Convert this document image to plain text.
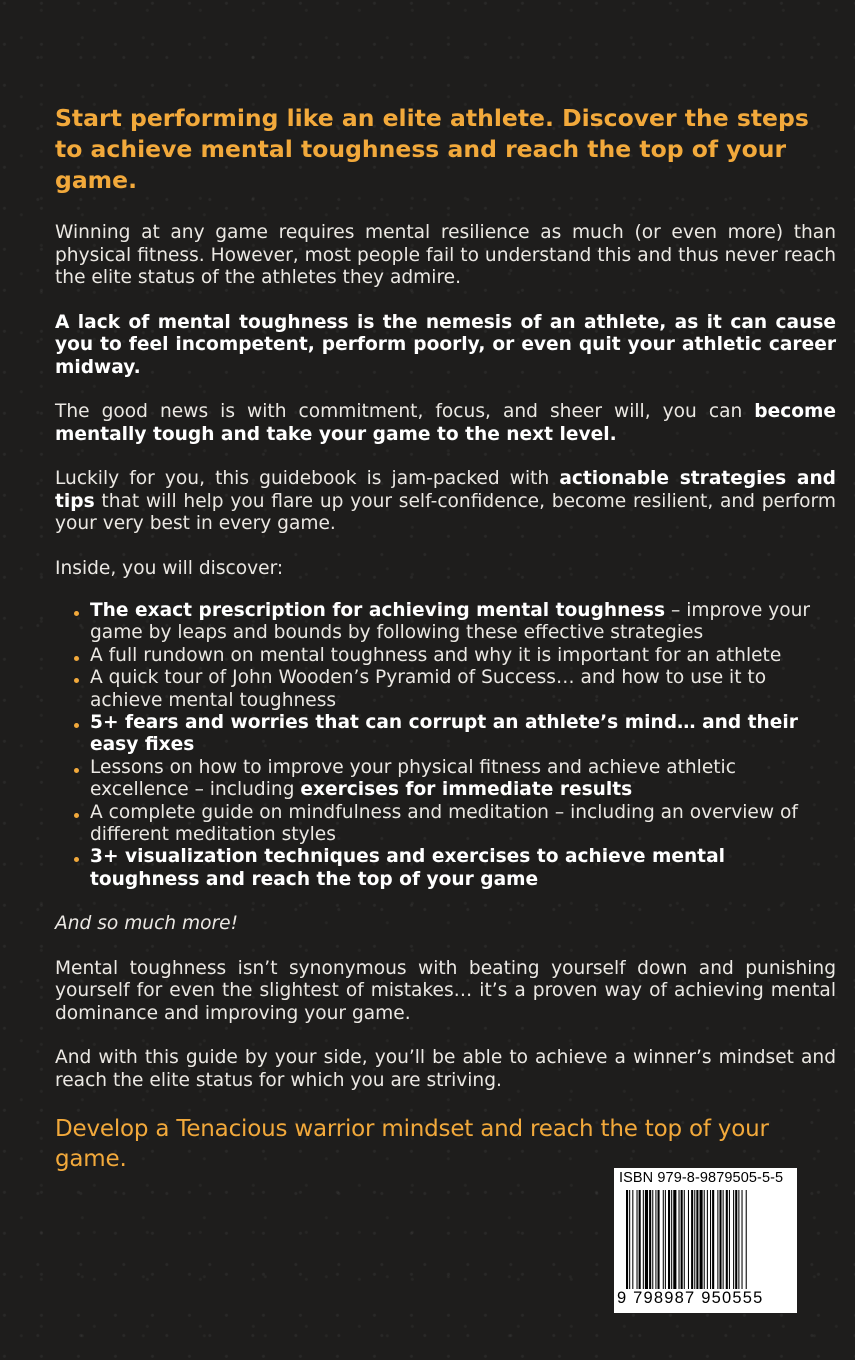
Start performing like an elite athlete. Discover the steps to achieve mental toughness and reach the top of your game.

Winning at any game requires mental resilience as much (or even more) than physical fitness. However, most people fail to understand this and thus never reach the elite status of the athletes they admire.

A lack of mental toughness is the nemesis of an athlete, as it can cause you to feel incompetent, perform poorly, or even quit your athletic career midway.

The good news is with commitment, focus, and sheer will, you can become mentally tough and take your game to the next level.

Luckily for you, this guidebook is jam-packed with actionable strategies and tips that will help you flare up your self-confidence, become resilient, and perform your very best in every game.

Inside, you will discover:

The exact prescription for achieving mental toughness – improve your game by leaps and bounds by following these effective strategies
A full rundown on mental toughness and why it is important for an athlete
A quick tour of John Wooden’s Pyramid of Success… and how to use it to achieve mental toughness
5+ fears and worries that can corrupt an athlete’s mind… and their easy fixes
Lessons on how to improve your physical fitness and achieve athletic excellence – including exercises for immediate results
A complete guide on mindfulness and meditation – including an overview of different meditation styles
3+ visualization techniques and exercises to achieve mental toughness and reach the top of your game

And so much more!

Mental toughness isn’t synonymous with beating yourself down and punishing yourself for even the slightest of mistakes… it’s a proven way of achieving mental dominance and improving your game.

And with this guide by your side, you’ll be able to achieve a winner’s mindset and reach the elite status for which you are striving.

Develop a Tenacious warrior mindset and reach the top of your game.
ISBN 979-8-9879505-5-5
9 798987 950555
